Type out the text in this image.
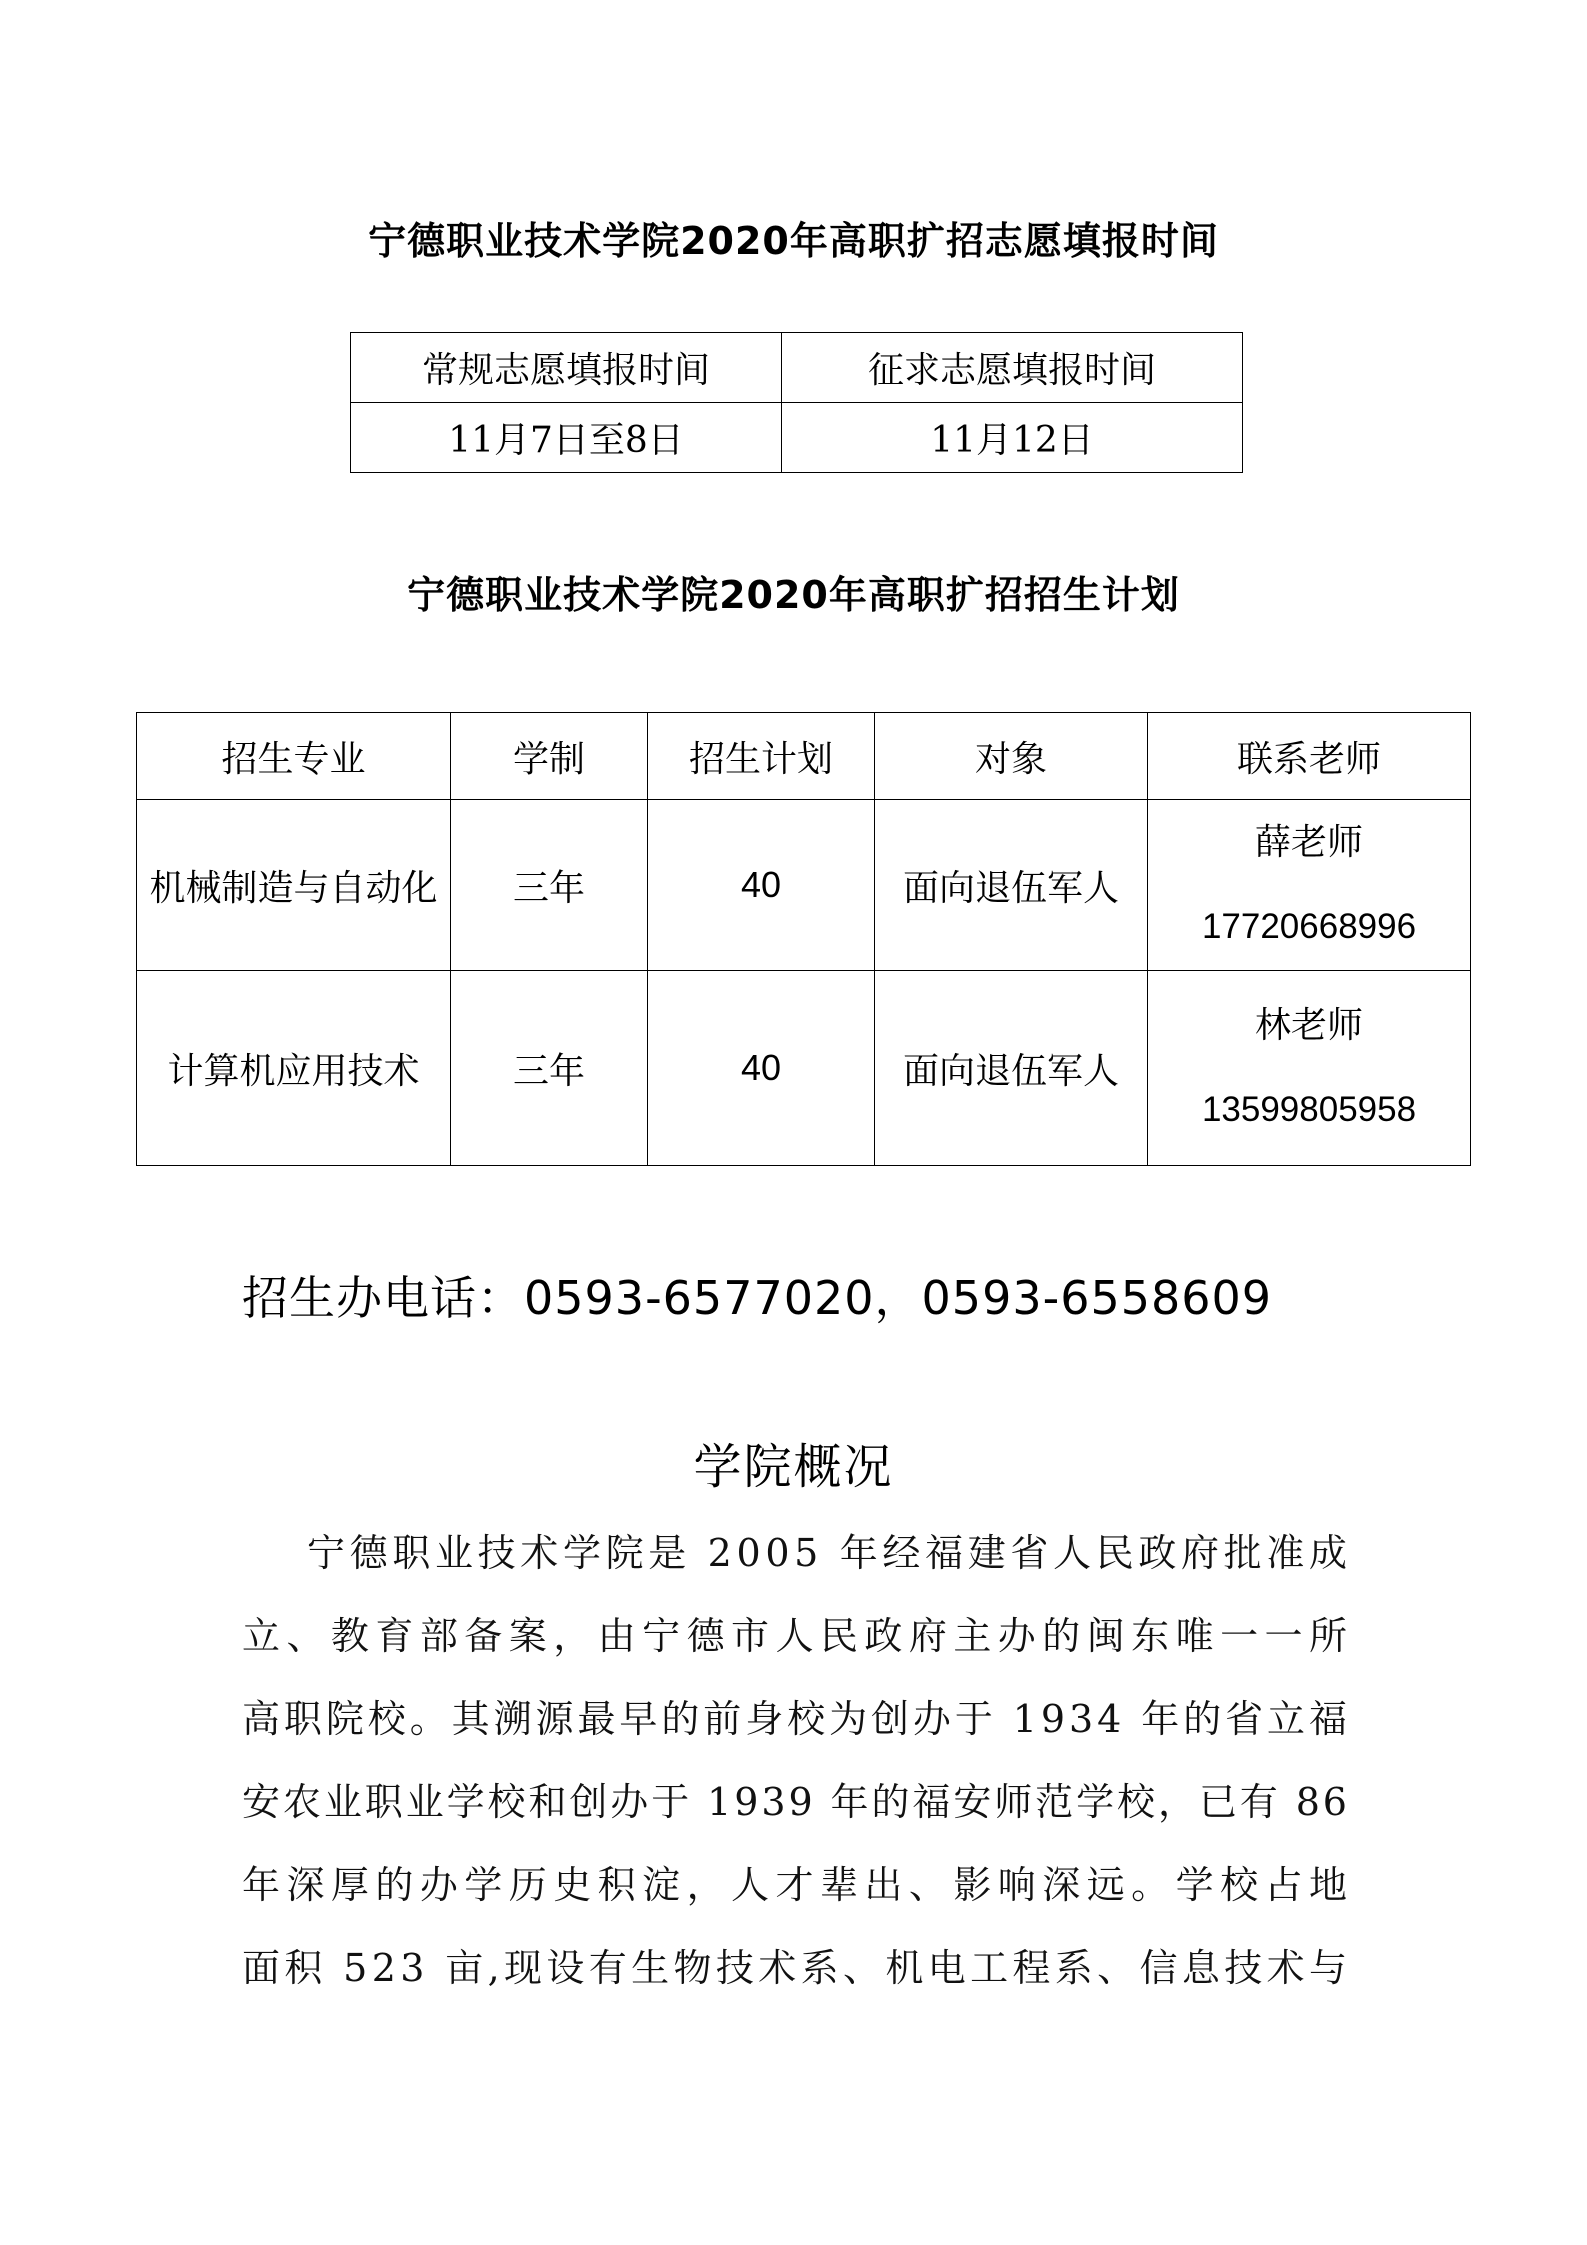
宁德职业技术学院2020年高职扩招志愿填报时间
常规志愿填报时间	征求志愿填报时间
11月7日至8日	11月12日
宁德职业技术学院2020年高职扩招招生计划
招生专业	学制	招生计划	对象	联系老师
机械制造与自动化	三年	40	面向退伍军人	薛老师
17720668996

计算机应用技术	三年	40	面向退伍军人	林老师
13599805958
招生办电话：0593-6577020，0593-6558609
学院概况
宁德职业技术学院是 2005 年经福建省人民政府批准成
立、教育部备案，由宁德市人民政府主办的闽东唯一一所
高职院校。其溯源最早的前身校为创办于 1934 年的省立福
安农业职业学校和创办于 1939 年的福安师范学校，已有 86
年深厚的办学历史积淀，人才辈出、影响深远。学校占地
面积 523 亩,现设有生物技术系、机电工程系、信息技术与
